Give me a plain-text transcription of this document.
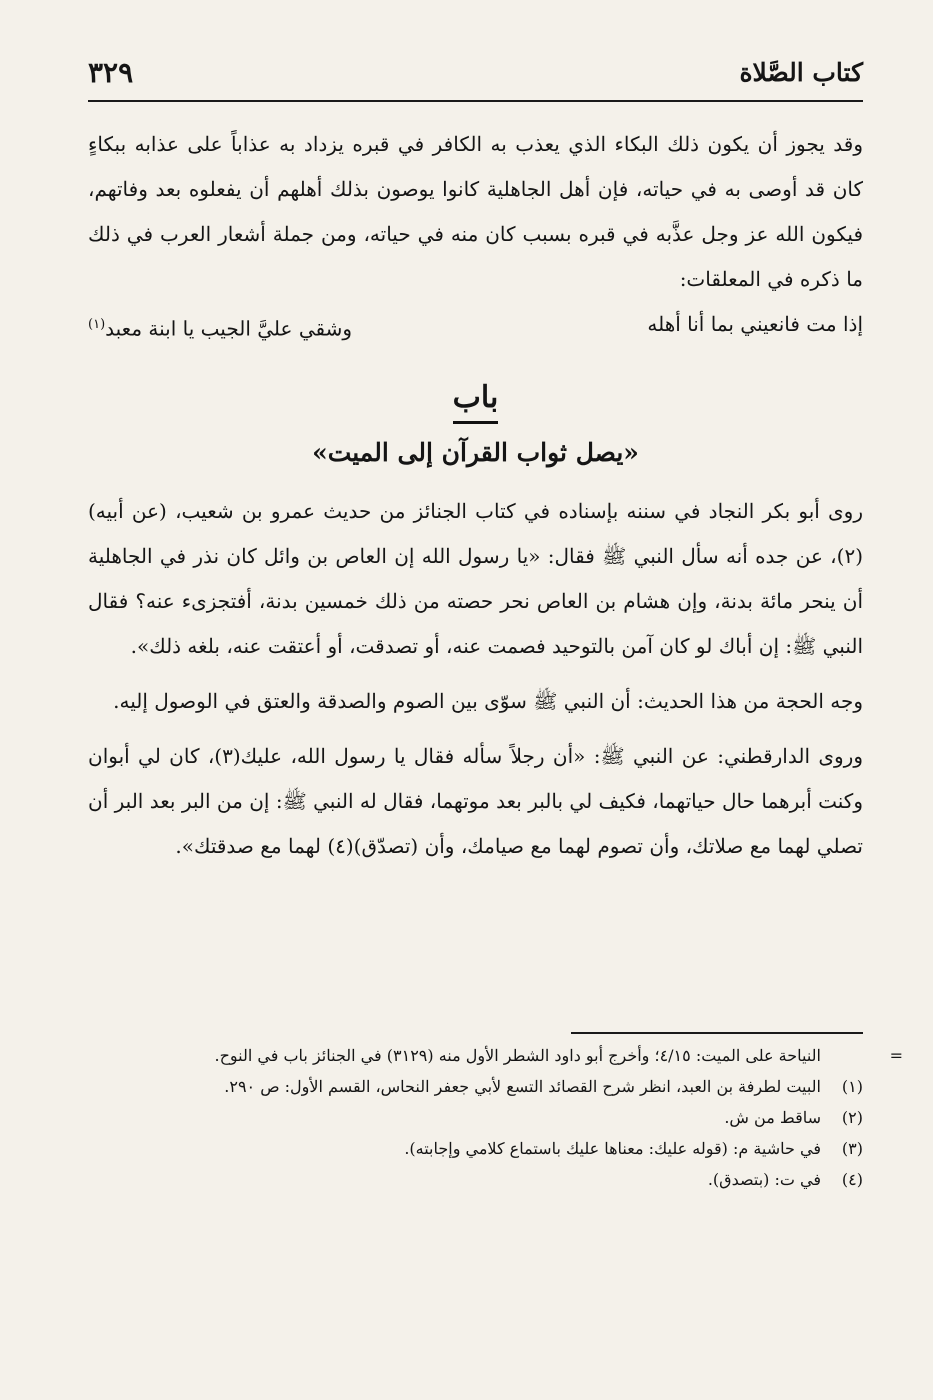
كتاب الصَّلاة
٣٢٩

وقد يجوز أن يكون ذلك البكاء الذي يعذب به الكافر في قبره يزداد به عذاباً على عذابه ببكاءٍ كان قد أوصى به في حياته، فإن أهل الجاهلية كانوا يوصون بذلك أهلهم أن يفعلوه بعد وفاتهم، فيكون الله عز وجل عذَّبه في قبره بسبب كان منه في حياته، ومن جملة أشعار العرب في ذلك ما ذكره في المعلقات:

إذا مت فانعيني بما أنا أهله
وشقي عليَّ الجيب يا ابنة معبد$^{(١)}$
باب
«يصل ثواب القرآن إلى الميت»

روى أبو بكر النجاد في سننه بإسناده في كتاب الجنائز من حديث عمرو بن شعيب، (عن أبيه)(٢)، عن جده أنه سأل النبي ﷺ فقال: «يا رسول الله إن العاص بن وائل كان نذر في الجاهلية أن ينحر مائة بدنة، وإن هشام بن العاص نحر حصته من ذلك خمسين بدنة، أفتجزىء عنه؟ فقال النبي ﷺ: إن أباك لو كان آمن بالتوحيد فصمت عنه، أو تصدقت، أو أعتقت عنه، بلغه ذلك».

وجه الحجة من هذا الحديث: أن النبي ﷺ سوّى بين الصوم والصدقة والعتق في الوصول إليه.

وروى الدارقطني: عن النبي ﷺ: «أن رجلاً سأله فقال يا رسول الله، عليك(٣)، كان لي أبوان وكنت أبرهما حال حياتهما، فكيف لي بالبر بعد موتهما، فقال له النبي ﷺ: إن من البر بعد البر أن تصلي لهما مع صلاتك، وأن تصوم لهما مع صيامك، وأن (تصدّق)(٤) لهما مع صدقتك».

=
النياحة على الميت: ٤/١٥؛ وأخرج أبو داود الشطر الأول منه (٣١٢٩) في الجنائز باب في النوح.
(١)
البيت لطرفة بن العبد، انظر شرح القصائد التسع لأبي جعفر النحاس، القسم الأول: ص ٢٩٠.
(٢)
ساقط من ش.
(٣)
في حاشية م: (قوله عليك: معناها عليك باستماع كلامي وإجابته).
(٤)
في ت: (بتصدق).
